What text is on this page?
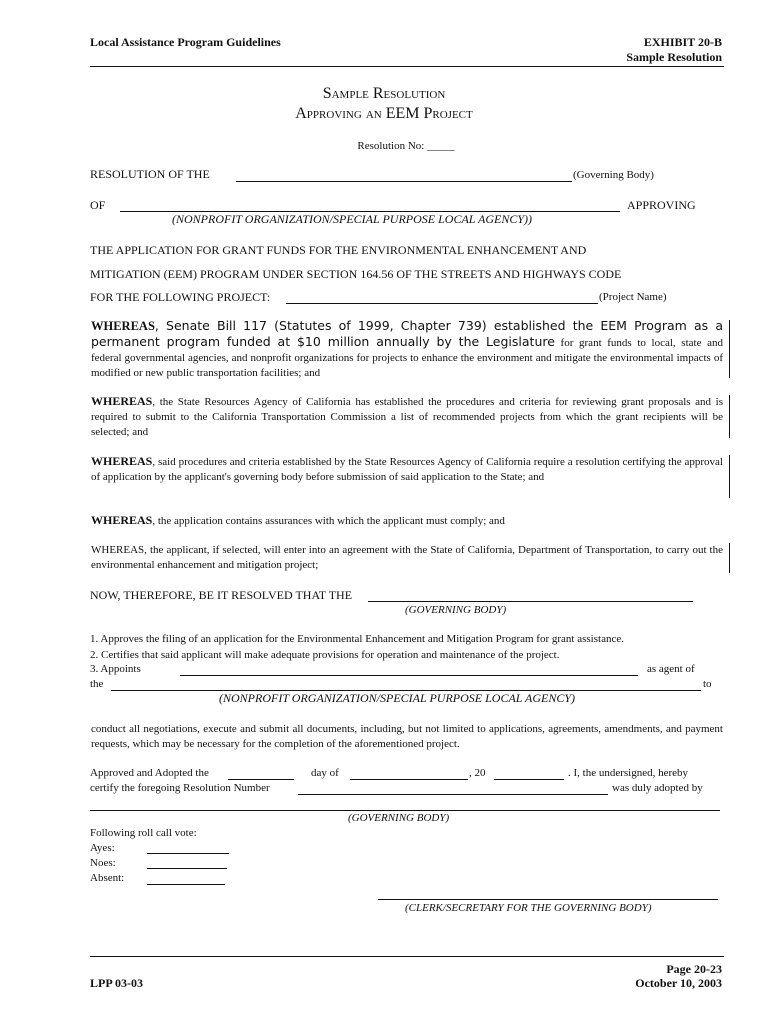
Local Assistance Program Guidelines	EXHIBIT 20-B
Sample Resolution
Sample Resolution
Approving an EEM Project
Resolution No: _____
RESOLUTION OF THE	(Governing Body)
OF	APPROVING
(NONPROFIT ORGANIZATION/SPECIAL PURPOSE LOCAL AGENCY))
THE APPLICATION FOR GRANT FUNDS FOR THE ENVIRONMENTAL ENHANCEMENT AND
MITIGATION (EEM) PROGRAM UNDER SECTION 164.56 OF THE STREETS AND HIGHWAYS CODE
FOR THE FOLLOWING PROJECT:	(Project Name)
WHEREAS, Senate Bill 117 (Statutes of 1999, Chapter 739) established the EEM Program as a
permanent program funded at $10 million annually by the Legislature for grant funds to local, state and
federal governmental agencies, and nonprofit organizations for projects to enhance the environment and mitigate the environmental impacts of modified or new public transportation facilities; and
WHEREAS, the State Resources Agency of California has established the procedures and criteria for reviewing grant proposals and is required to submit to the California Transportation Commission a list of recommended projects from which the grant recipients will be selected; and
WHEREAS, said procedures and criteria established by the State Resources Agency of California require a resolution certifying the approval of application by the applicant's governing body before submission of said application to the State; and
WHEREAS, the application contains assurances with which the applicant must comply; and
WHEREAS, the applicant, if selected, will enter into an agreement with the State of California, Department of Transportation, to carry out the environmental enhancement and mitigation project;
NOW, THEREFORE, BE IT RESOLVED THAT THE
(GOVERNING BODY)
1. Approves the filing of an application for the Environmental Enhancement and Mitigation Program for grant assistance.
2. Certifies that said applicant will make adequate provisions for operation and maintenance of the project.
3. Appoints	as agent of
the	to
(NONPROFIT ORGANIZATION/SPECIAL PURPOSE LOCAL AGENCY)
conduct all negotiations, execute and submit all documents, including, but not limited to applications, agreements, amendments, and payment requests, which may be necessary for the completion of the aforementioned project.
Approved and Adopted the	day of	, 20	. I, the undersigned, hereby
certify the foregoing Resolution Number	was duly adopted by
(GOVERNING BODY)
Following roll call vote:
Ayes:
Noes:
Absent:
(CLERK/SECRETARY FOR THE GOVERNING BODY)
Page 20-23
LPP 03-03	October 10, 2003
